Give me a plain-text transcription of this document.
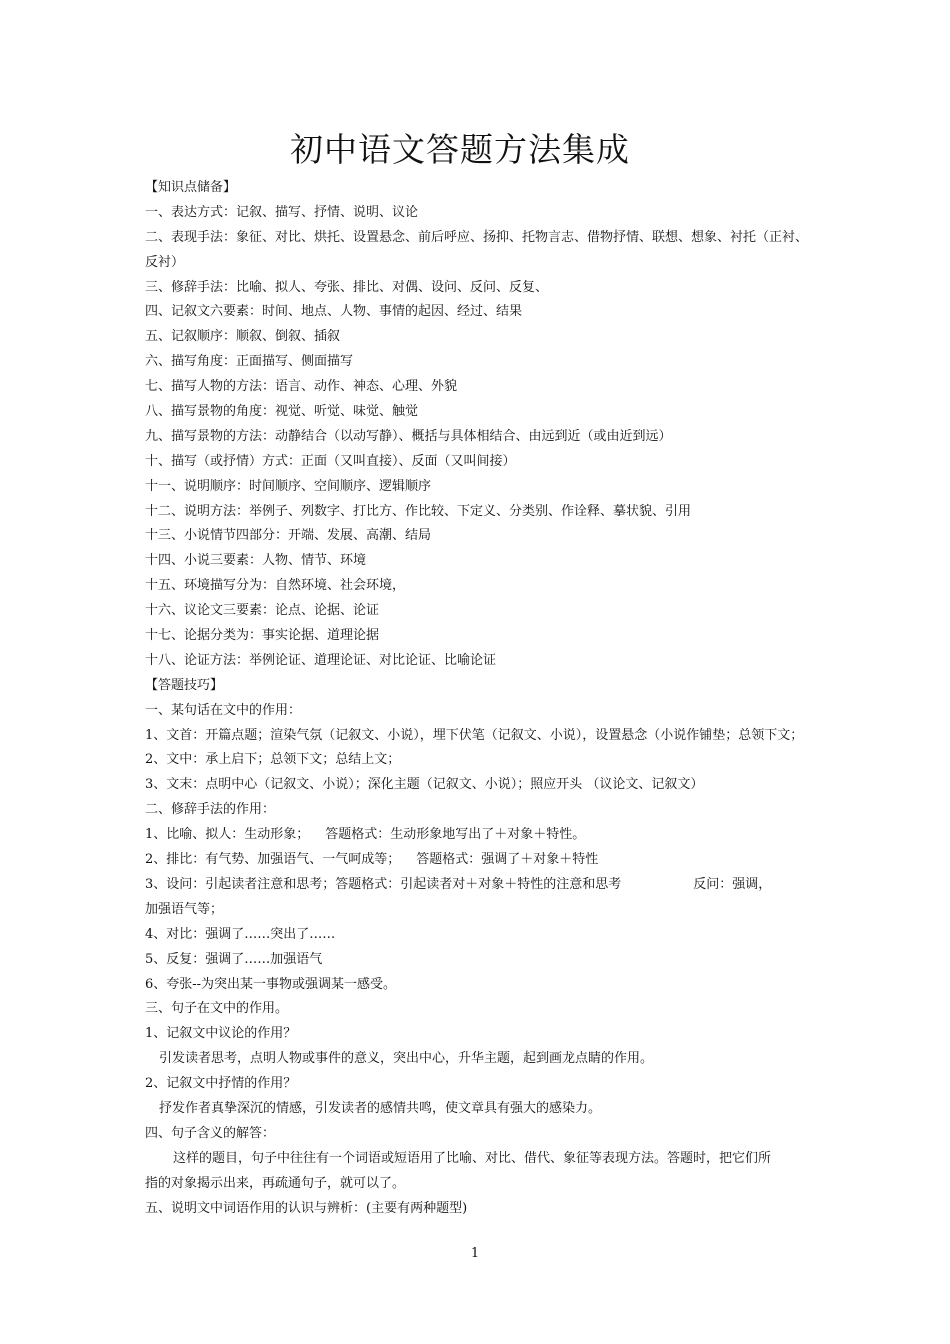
初中语文答题方法集成
【知识点储备】
一、表达方式：记叙、描写、抒情、说明、议论
二、表现手法：象征、对比、烘托、设置悬念、前后呼应、扬抑、托物言志、借物抒情、联想、想象、衬托（正衬、
反衬）
三、修辞手法：比喻、拟人、夸张、排比、对偶、设问、反问、反复、
四、记叙文六要素：时间、地点、人物、事情的起因、经过、结果
五、记叙顺序：顺叙、倒叙、插叙
六、描写角度：正面描写、侧面描写
七、描写人物的方法：语言、动作、神态、心理、外貌
八、描写景物的角度：视觉、听觉、味觉、触觉
九、描写景物的方法：动静结合（以动写静）、概括与具体相结合、由远到近（或由近到远）
十、描写（或抒情）方式：正面（又叫直接）、反面（又叫间接）
十一、说明顺序：时间顺序、空间顺序、逻辑顺序
十二、说明方法：举例子、列数字、打比方、作比较、下定义、分类别、作诠释、摹状貌、引用
十三、小说情节四部分：开端、发展、高潮、结局
十四、小说三要素：人物、情节、环境
十五、环境描写分为：自然环境、社会环境，
十六、议论文三要素：论点、论据、论证
十七、论据分类为：事实论据、道理论据
十八、论证方法：举例论证、道理论证、对比论证、比喻论证
【答题技巧】
一、某句话在文中的作用：
1、文首：开篇点题；渲染气氛（记叙文、小说），埋下伏笔（记叙文、小说），设置悬念（小说作铺垫；总领下文；
2、文中：承上启下；总领下文；总结上文；
3、文末：点明中心（记叙文、小说）；深化主题（记叙文、小说）；照应开头 （议论文、记叙文）
二、修辞手法的作用：
1、比喻、拟人：生动形象； 答题格式：生动形象地写出了＋对象＋特性。
2、排比：有气势、加强语气、一气呵成等； 答题格式：强调了＋对象＋特性
3、设问：引起读者注意和思考；答题格式：引起读者对＋对象＋特性的注意和思考	反问：强调，
加强语气等；
4、对比：强调了……突出了……
5、反复：强调了……加强语气
6、夸张--为突出某一事物或强调某一感受。
三、句子在文中的作用。
1、记叙文中议论的作用？
引发读者思考，点明人物或事件的意义，突出中心，升华主题，起到画龙点睛的作用。
2、记叙文中抒情的作用？
抒发作者真挚深沉的情感，引发读者的感情共鸣，使文章具有强大的感染力。
四、句子含义的解答：
这样的题目，句子中往往有一个词语或短语用了比喻、对比、借代、象征等表现方法。答题时，把它们所
指的对象揭示出来，再疏通句子，就可以了。
五、说明文中词语作用的认识与辨析：(主要有两种题型)
1
